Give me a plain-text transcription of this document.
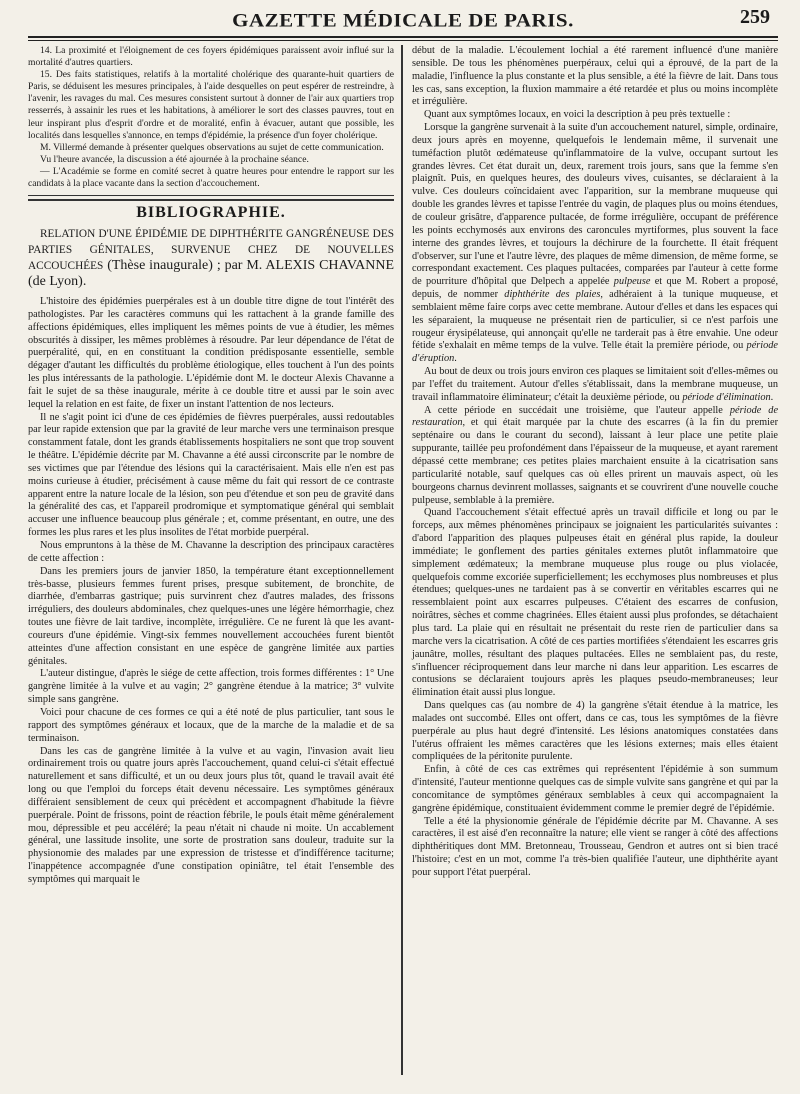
GAZETTE MÉDICALE DE PARIS.	259

14. La proximité et l'éloignement de ces foyers épidémiques paraissent avoir influé sur la mortalité d'autres quartiers.

15. Des faits statistiques, relatifs à la mortalité cholérique des quarante-huit quartiers de Paris, se déduisent les mesures principales, à l'aide desquelles on peut espérer de restreindre, à l'avenir, les ravages du mal. Ces mesures consistent surtout à donner de l'air aux quartiers trop resserrés, à assainir les rues et les habitations, à améliorer le sort des classes pauvres, tout en leur inspirant plus d'esprit d'ordre et de moralité, enfin à évacuer, autant que possible, les localités dans lesquelles s'annonce, en temps d'épidémie, la présence d'un foyer cholérique.

M. Villermé demande à présenter quelques observations au sujet de cette communication.

Vu l'heure avancée, la discussion a été ajournée à la prochaine séance.

— L'Académie se forme en comité secret à quatre heures pour entendre le rapport sur les candidats à la place vacante dans la section d'accouchement.

BIBLIOGRAPHIE.
RELATION D'UNE ÉPIDÉMIE DE DIPHTHÉRITE GANGRÉNEUSE DES PARTIES GÉNITALES, SURVENUE CHEZ DE NOUVELLES ACCOUCHÉES (Thèse inaugurale) ; par M. ALEXIS CHAVANNE (de Lyon).

L'histoire des épidémies puerpérales est à un double titre digne de tout l'intérêt des pathologistes. Par les caractères communs qui les rattachent à la grande famille des affections épidémiques, elles impliquent les mêmes points de vue à étudier, les mêmes obscurités à dissiper, les mêmes problèmes à résoudre. Par leur dépendance de l'état de puerpéralité, qui, en en constituant la condition prédisposante essentielle, semble dégager d'autant les difficultés du problème étiologique, elles touchent à l'un des points les plus intéressants de la pathologie. L'épidémie dont M. le docteur Alexis Chavanne a fait le sujet de sa thèse inaugurale, mérite à ce double titre et aussi par le soin avec lequel la relation en est faite, de fixer un instant l'attention de nos lecteurs.

Il ne s'agit point ici d'une de ces épidémies de fièvres puerpérales, aussi redoutables par leur rapide extension que par la gravité de leur marche vers une terminaison presque constamment fatale, dont les grands établissements hospitaliers ne sont que trop souvent le théâtre. L'épidémie décrite par M. Chavanne a été aussi circonscrite par le nombre de ses victimes que par l'étendue des lésions qui la caractérisaient. Mais elle n'en est pas moins curieuse à étudier, précisément à cause même du fait qui ressort de ce contraste apparent entre la nature locale de la lésion, son peu d'étendue et son peu de gravité dans la généralité des cas, et l'appareil prodromique et symptomatique général qui semblait accuser une influence beaucoup plus générale ; et, comme présentant, en outre, une des formes les plus rares et les plus insolites de l'état morbide puerpéral.

Nous empruntons à la thèse de M. Chavanne la description des principaux caractères de cette affection :

Dans les premiers jours de janvier 1850, la température étant exceptionnellement très-basse, plusieurs femmes furent prises, presque subitement, de bronchite, de diarrhée, d'embarras gastrique; puis survinrent chez d'autres malades, des frissons irréguliers, des douleurs abdominales, chez quelques-unes une légère hémorrhagie, chez toutes une fièvre de lait tardive, incomplète, irrégulière. Ce ne furent là que les avant-coureurs d'une épidémie. Vingt-six femmes nouvellement accouchées furent bientôt atteintes d'une affection consistant en une espèce de gangrène limitée aux parties génitales.

L'auteur distingue, d'après le siége de cette affection, trois formes différentes : 1° Une gangrène limitée à la vulve et au vagin; 2° gangrène étendue à la matrice; 3° vulvite simple sans gangrène.

Voici pour chacune de ces formes ce qui a été noté de plus particulier, tant sous le rapport des symptômes généraux et locaux, que de la marche de la maladie et de sa terminaison.

Dans les cas de gangrène limitée à la vulve et au vagin, l'invasion avait lieu ordinairement trois ou quatre jours après l'accouchement, quand celui-ci s'était effectué naturellement et sans difficulté, et un ou deux jours plus tôt, quand le travail avait été long ou que l'emploi du forceps était devenu nécessaire. Les symptômes généraux différaient sensiblement de ceux qui précèdent et accompagnent d'habitude la fièvre puerpérale. Point de frissons, point de réaction fébrile, le pouls était même généralement mou, dépressible et peu accéléré; la peau n'était ni chaude ni moite. Un accablement général, une lassitude insolite, une sorte de prostration sans douleur, traduite sur la physionomie des malades par une expression de tristesse et d'indifférence taciturne; l'inappétence accompagnée d'une constipation opiniâtre, tel était l'ensemble des symptômes qui marquait le

début de la maladie. L'écoulement lochial a été rarement influencé d'une manière sensible. De tous les phénomènes puerpéraux, celui qui a éprouvé, de la part de la maladie, l'influence la plus constante et la plus sensible, a été la fièvre de lait. Dans tous les cas, sans exception, la fluxion mammaire a été retardée et plus ou moins incomplète et irrégulière.

Quant aux symptômes locaux, en voici la description à peu près textuelle :

Lorsque la gangrène survenait à la suite d'un accouchement naturel, simple, ordinaire, deux jours après en moyenne, quelquefois le lendemain même, il survenait une tuméfaction plutôt œdémateuse qu'inflammatoire de la vulve, occupant surtout les grandes lèvres. Cet état durait un, deux, rarement trois jours, sans que la femme s'en plaignît. Puis, en quelques heures, des douleurs vives, cuisantes, se déclaraient à la vulve. Ces douleurs coïncidaient avec l'apparition, sur la membrane muqueuse qui double les grandes lèvres et tapisse l'entrée du vagin, de plaques plus ou moins étendues, de couleur grisâtre, d'apparence pultacée, de forme irrégulière, occupant de préférence les points ecchymosés aux environs des caroncules myrtiformes, plus souvent la face interne des grandes lèvres, et toujours la déchirure de la fourchette. Il était fréquent d'observer, sur l'une et l'autre lèvre, des plaques de même dimension, de même forme, se correspondant exactement. Ces plaques pultacées, comparées par l'auteur à cette forme de pourriture d'hôpital que Delpech a appelée pulpeuse et que M. Robert a proposé, depuis, de nommer diphthérite des plaies, adhéraient à la tunique muqueuse, et semblaient même faire corps avec cette membrane. Autour d'elles et dans les espaces qui les séparaient, la muqueuse ne présentait rien de particulier, si ce n'est parfois une rougeur érysipélateuse, qui annonçait qu'elle ne tarderait pas à être envahie. Une odeur fétide s'exhalait en même temps de la vulve. Telle était la première période, ou période d'éruption.

Au bout de deux ou trois jours environ ces plaques se limitaient soit d'elles-mêmes ou par l'effet du traitement. Autour d'elles s'établissait, dans la membrane muqueuse, un travail inflammatoire éliminateur; c'était la deuxième période, ou période d'élimination.

A cette période en succédait une troisième, que l'auteur appelle période de restauration, et qui était marquée par la chute des escarres (à la fin du premier septénaire ou dans le courant du second), laissant à leur place une petite plaie suppurante, taillée peu profondément dans l'épaisseur de la muqueuse, et ayant rarement dépassé cette membrane; ces petites plaies marchaient ensuite à la cicatrisation sans particularité notable, sauf quelques cas où elles prirent un mauvais aspect, où les bourgeons charnus devinrent mollasses, saignants et se couvrirent d'une nouvelle couche pulpeuse, semblable à la première.

Quand l'accouchement s'était effectué après un travail difficile et long ou par le forceps, aux mêmes phénomènes principaux se joignaient les particularités suivantes : d'abord l'apparition des plaques pulpeuses était en général plus rapide, la douleur immédiate; le gonflement des parties génitales externes plutôt inflammatoire que simplement œdémateux; la membrane muqueuse plus rouge ou plus violacée, quelquefois comme excoriée superficiellement; les ecchymoses plus nombreuses et plus étendues; quelques-unes ne tardaient pas à se convertir en véritables escarres qui ne ressemblaient point aux escarres pulpeuses. C'étaient des escarres de confusion, noirâtres, sèches et comme chagrinées. Elles étaient aussi plus profondes, se détachaient plus tard. La plaie qui en résultait ne présentait du reste rien de particulier dans sa marche vers la cicatrisation. A côté de ces parties mortifiées s'étendaient les escarres gris jaunâtre, molles, résultant des plaques pultacées. Elles ne semblaient pas, du reste, s'influencer réciproquement dans leur marche ni dans leur apparition. Les escarres de contusions se déclaraient toujours après les plaques pseudo-membraneuses; leur élimination était aussi plus longue.

Dans quelques cas (au nombre de 4) la gangrène s'était étendue à la matrice, les malades ont succombé. Elles ont offert, dans ce cas, tous les symptômes de la fièvre puerpérale au plus haut degré d'intensité. Les lésions anatomiques constatées dans l'utérus offraient les mêmes caractères que les lésions externes; mais elles étaient compliquées de la péritonite purulente.

Enfin, à côté de ces cas extrêmes qui représentent l'épidémie à son summum d'intensité, l'auteur mentionne quelques cas de simple vulvite sans gangrène et qui par la concomitance de symptômes généraux semblables à ceux qui accompagnaient la gangrène épidémique, constituaient évidemment comme le premier degré de l'épidémie.

Telle a été la physionomie générale de l'épidémie décrite par M. Chavanne. A ses caractères, il est aisé d'en reconnaître la nature; elle vient se ranger à côté des affections diphthéritiques dont MM. Bretonneau, Trousseau, Gendron et autres ont si bien tracé l'histoire; c'est en un mot, comme l'a très-bien qualifiée l'auteur, une diphthérite ayant pour support l'état puerpéral.
